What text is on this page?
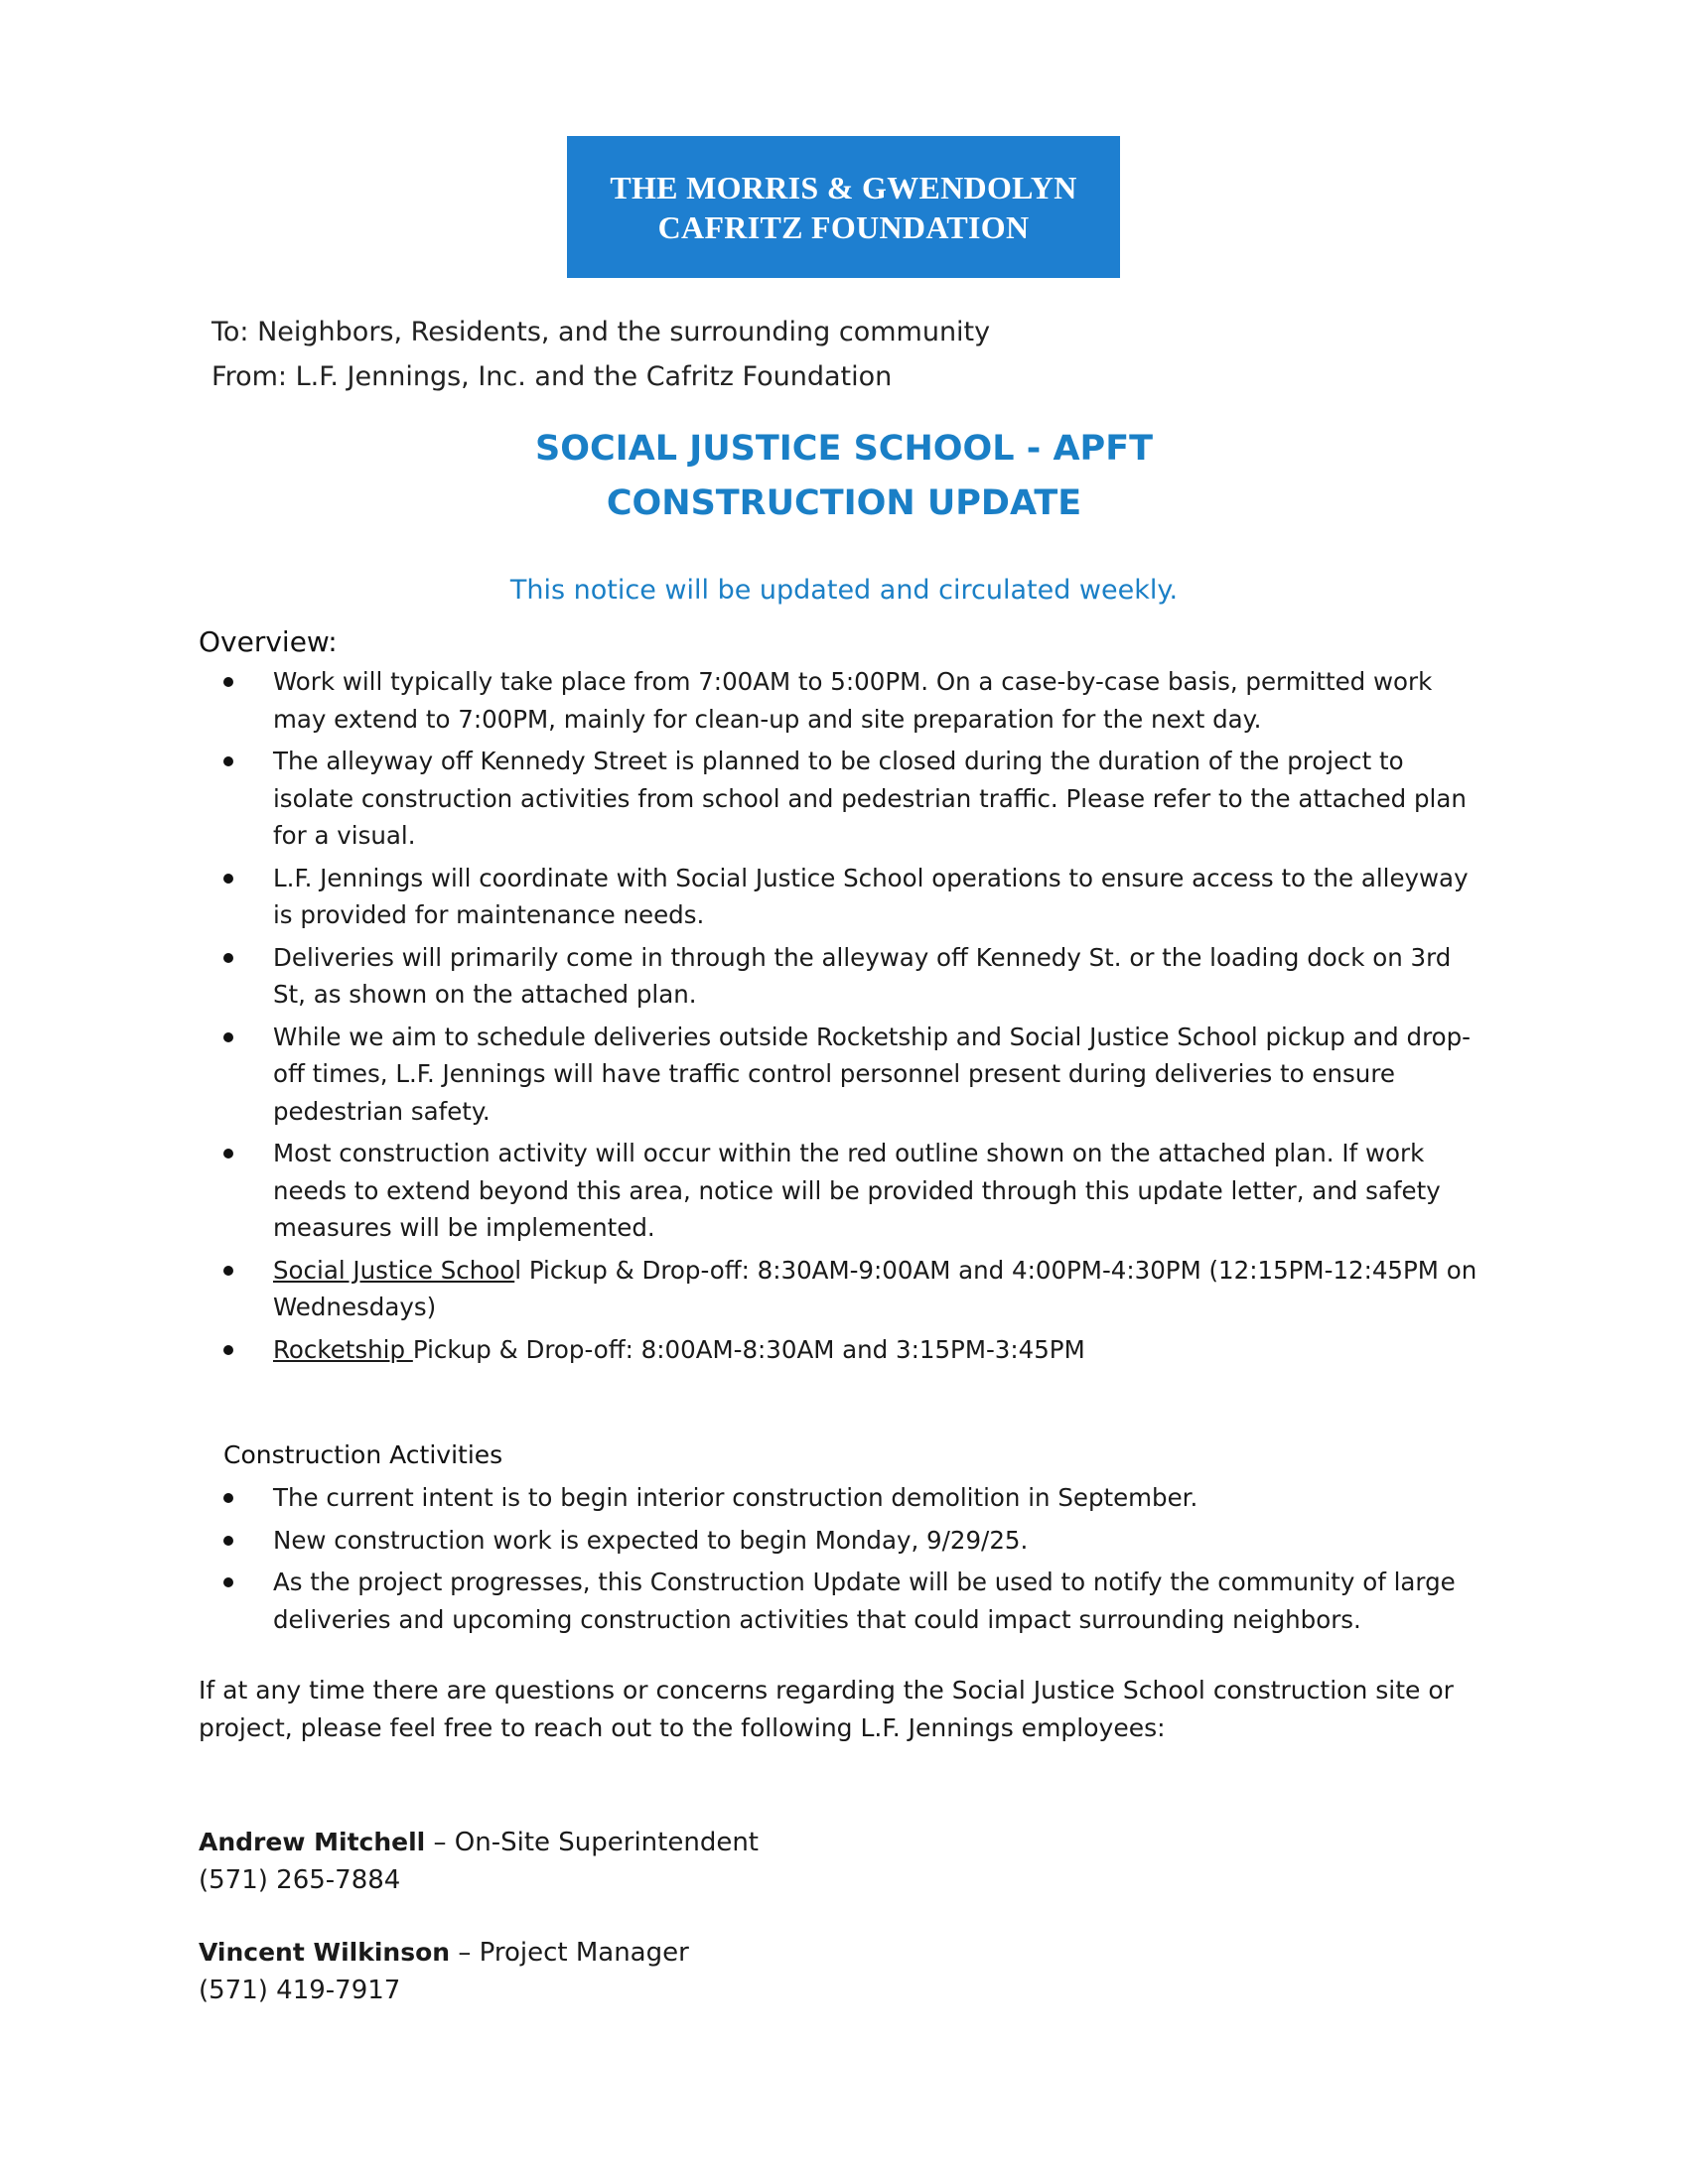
THE MORRIS & GWENDOLYN
CAFRITZ FOUNDATION
To: Neighbors, Residents, and the surrounding community
From: L.F. Jennings, Inc. and the Cafritz Foundation
SOCIAL JUSTICE SCHOOL - APFT
CONSTRUCTION UPDATE
This notice will be updated and circulated weekly.
Overview:
Work will typically take place from 7:00AM to 5:00PM. On a case-by-case basis, permitted work may extend to 7:00PM, mainly for clean-up and site preparation for the next day.
The alleyway off Kennedy Street is planned to be closed during the duration of the project to isolate construction activities from school and pedestrian traffic. Please refer to the attached plan for a visual.
L.F. Jennings will coordinate with Social Justice School operations to ensure access to the alleyway is provided for maintenance needs.
Deliveries will primarily come in through the alleyway off Kennedy St. or the loading dock on 3rd St, as shown on the attached plan.
While we aim to schedule deliveries outside Rocketship and Social Justice School pickup and drop-off times, L.F. Jennings will have traffic control personnel present during deliveries to ensure pedestrian safety.
Most construction activity will occur within the red outline shown on the attached plan. If work needs to extend beyond this area, notice will be provided through this update letter, and safety measures will be implemented.
Social Justice School Pickup & Drop-off: 8:30AM-9:00AM and 4:00PM-4:30PM (12:15PM-12:45PM on Wednesdays)
Rocketship Pickup & Drop-off: 8:00AM-8:30AM and 3:15PM-3:45PM
Construction Activities
The current intent is to begin interior construction demolition in September.
New construction work is expected to begin Monday, 9/29/25.
As the project progresses, this Construction Update will be used to notify the community of large deliveries and upcoming construction activities that could impact surrounding neighbors.
If at any time there are questions or concerns regarding the Social Justice School construction site or project, please feel free to reach out to the following L.F. Jennings employees:
Andrew Mitchell – On-Site Superintendent
(571) 265-7884
Vincent Wilkinson – Project Manager
(571) 419-7917
